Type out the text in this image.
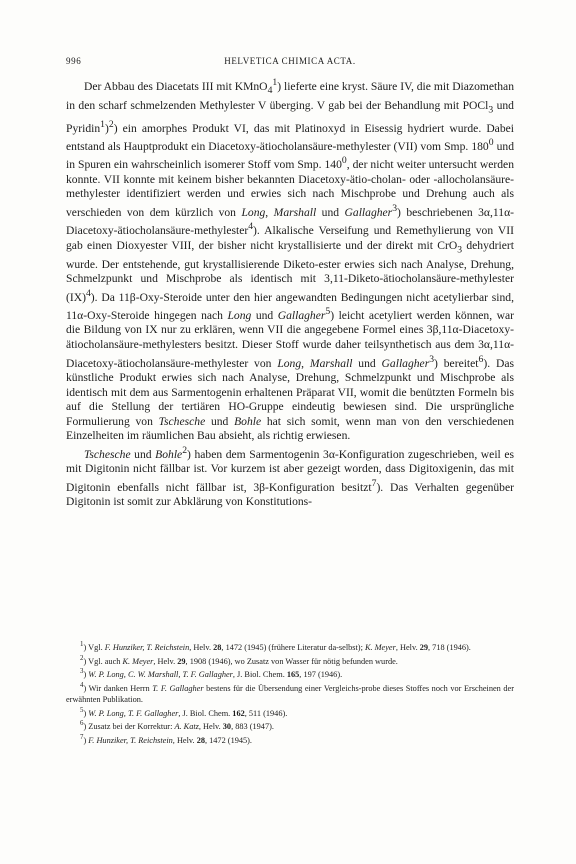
996	HELVETICA CHIMICA ACTA.

Der Abbau des Diacetats III mit KMnO$_4^1$) lieferte eine kryst. Säure IV, die mit Diazomethan in den scharf schmelzenden Methylester V überging. V gab bei der Behandlung mit POCl$_3$ und Pyridin$^1$)$^2$) ein amorphes Produkt VI, das mit Platinoxyd in Eisessig hydriert wurde. Dabei entstand als Hauptprodukt ein Diacetoxy-ätiocholansäure-methylester (VII) vom Smp. $180^0$ und in Spuren ein wahrscheinlich isomerer Stoff vom Smp. $140^0$, der nicht weiter untersucht werden konnte. VII konnte mit keinem bisher bekannten Diacetoxy-ätio-cholan- oder -allocholansäure-methylester identifiziert werden und erwies sich nach Mischprobe und Drehung auch als verschieden von dem kürzlich von Long, Marshall und Gallagher$^3$) beschriebenen 3α,11α-Diacetoxy-ätiocholansäure-methylester$^4$). Alkalische Verseifung und Remethylierung von VII gab einen Dioxyester VIII, der bisher nicht krystallisierte und der direkt mit CrO$_3$ dehydriert wurde. Der entstehende, gut krystallisierende Diketo-ester erwies sich nach Analyse, Drehung, Schmelzpunkt und Mischprobe als identisch mit 3,11-Diketo-ätiocholansäure-methylester (IX)$^4$). Da 11β-Oxy-Steroide unter den hier angewandten Bedingungen nicht acetylierbar sind, 11α-Oxy-Steroide hingegen nach Long und Gallagher$^5$) leicht acetyliert werden können, war die Bildung von IX nur zu erklären, wenn VII die angegebene Formel eines 3β,11α-Diacetoxy-ätiocholansäure-methylesters besitzt. Dieser Stoff wurde daher teilsynthetisch aus dem 3α,11α-Diacetoxy-ätiocholansäure-methylester von Long, Marshall und Gallagher$^3$) bereitet$^6$). Das künstliche Produkt erwies sich nach Analyse, Drehung, Schmelzpunkt und Mischprobe als identisch mit dem aus Sarmentogenin erhaltenen Präparat VII, womit die benützten Formeln bis auf die Stellung der tertiären HO-Gruppe eindeutig bewiesen sind. Die ursprüngliche Formulierung von Tschesche und Bohle hat sich somit, wenn man von den verschiedenen Einzelheiten im räumlichen Bau absieht, als richtig erwiesen.

Tschesche und Bohle$^2$) haben dem Sarmentogenin 3α-Konfiguration zugeschrieben, weil es mit Digitonin nicht fällbar ist. Vor kurzem ist aber gezeigt worden, dass Digitoxigenin, das mit Digitonin ebenfalls nicht fällbar ist, 3β-Konfiguration besitzt$^7$). Das Verhalten gegenüber Digitonin ist somit zur Abklärung von Konstitutions-

$^1$) Vgl. F. Hunziker, T. Reichstein, Helv. 28, 1472 (1945) (frühere Literatur da-selbst); K. Meyer, Helv. 29, 718 (1946).

$^2$) Vgl. auch K. Meyer, Helv. 29, 1908 (1946), wo Zusatz von Wasser für nötig befunden wurde.

$^3$) W. P. Long, C. W. Marshall, T. F. Gallagher, J. Biol. Chem. 165, 197 (1946).

$^4$) Wir danken Herrn T. F. Gallagher bestens für die Übersendung einer Vergleichs-probe dieses Stoffes noch vor Erscheinen der erwähnten Publikation.

$^5$) W. P. Long, T. F. Gallagher, J. Biol. Chem. 162, 511 (1946).

$^6$) Zusatz bei der Korrektur: A. Katz, Helv. 30, 883 (1947).

$^7$) F. Hunziker, T. Reichstein, Helv. 28, 1472 (1945).
